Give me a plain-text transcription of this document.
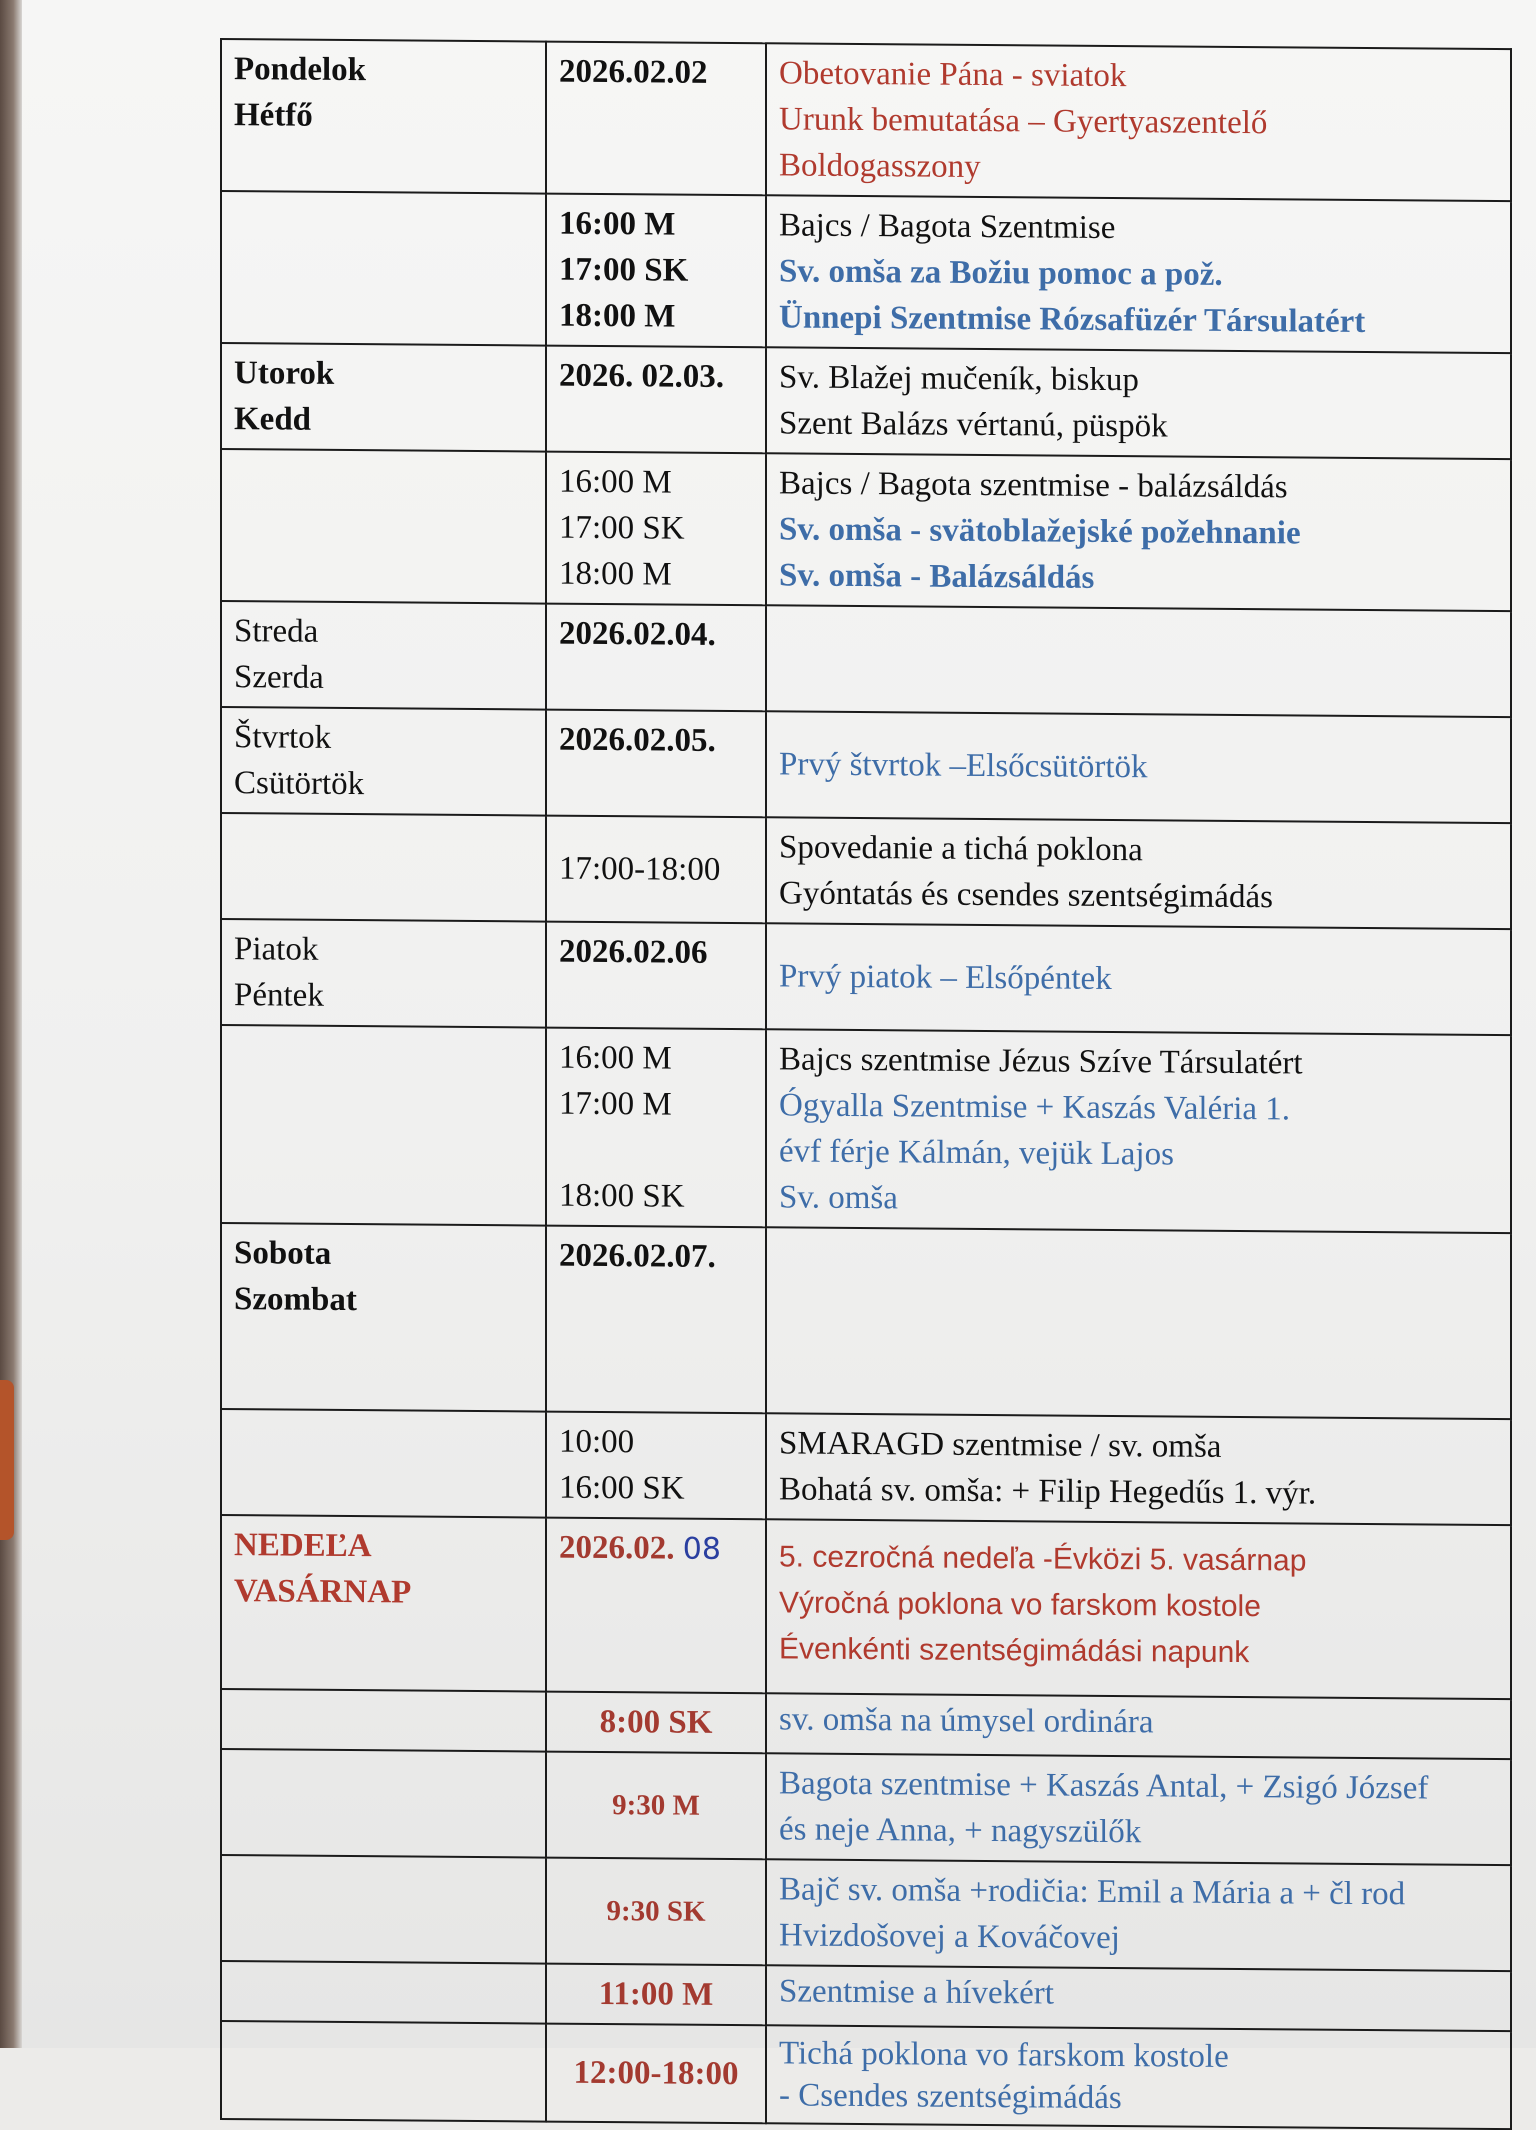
Pondelok
Hétfő	2026.02.02	Obetovanie Pána - sviatok
Urunk bemutatása – Gyertyaszentelő
Boldogasszony

	16:00 M
17:00 SK
18:00 M	Bajcs / Bagota Szentmise
Sv. omša za Božiu pomoc a pož.
Ünnepi Szentmise Rózsafüzér Társulatért

Utorok
Kedd	2026. 02.03.	Sv. Blažej mučeník, biskup
Szent Balázs vértanú, püspök

	16:00 M
17:00 SK
18:00 M	Bajcs / Bagota szentmise - balázsáldás
Sv. omša - svätoblažejské požehnanie
Sv. omša - Balázsáldás

Streda
Szerda	2026.02.04.	

Štvrtok
Csütörtök	2026.02.05.	Prvý štvrtok –Elsőcsütörtök
	17:00-18:00	Spovedanie a tichá poklona
Gyóntatás és csendes szentségimádás

Piatok
Péntek	2026.02.06	Prvý piatok – Elsőpéntek

	16:00 M
17:00 M

18:00 SK	Bajcs szentmise Jézus Szíve Társulatért
Ógyalla Szentmise + Kaszás Valéria 1.
évf férje Kálmán, vejük Lajos
Sv. omša

Sobota
Szombat	2026.02.07.	

	10:00
16:00 SK	SMARAGD szentmise / sv. omša
Bohatá sv. omša: + Filip Hegedűs 1. výr.

NEDEĽA
VASÁRNAP	2026.02. 08	5. cezročná nedeľa -Évközi 5. vasárnap
Výročná poklona vo farskom kostole
Évenkénti szentségimádási napunk

	8:00 SK	sv. omša na úmysel ordinára
	9:30 M	Bagota szentmise + Kaszás Antal, + Zsigó József
és neje Anna, + nagyszülők

	9:30 SK	Bajč sv. omša +rodičia: Emil a Mária a + čl rod
Hvizdošovej a Kováčovej

	11:00 M	Szentmise a hívekért
	12:00-18:00	Tichá poklona vo farskom kostole
- Csendes szentségimádás
